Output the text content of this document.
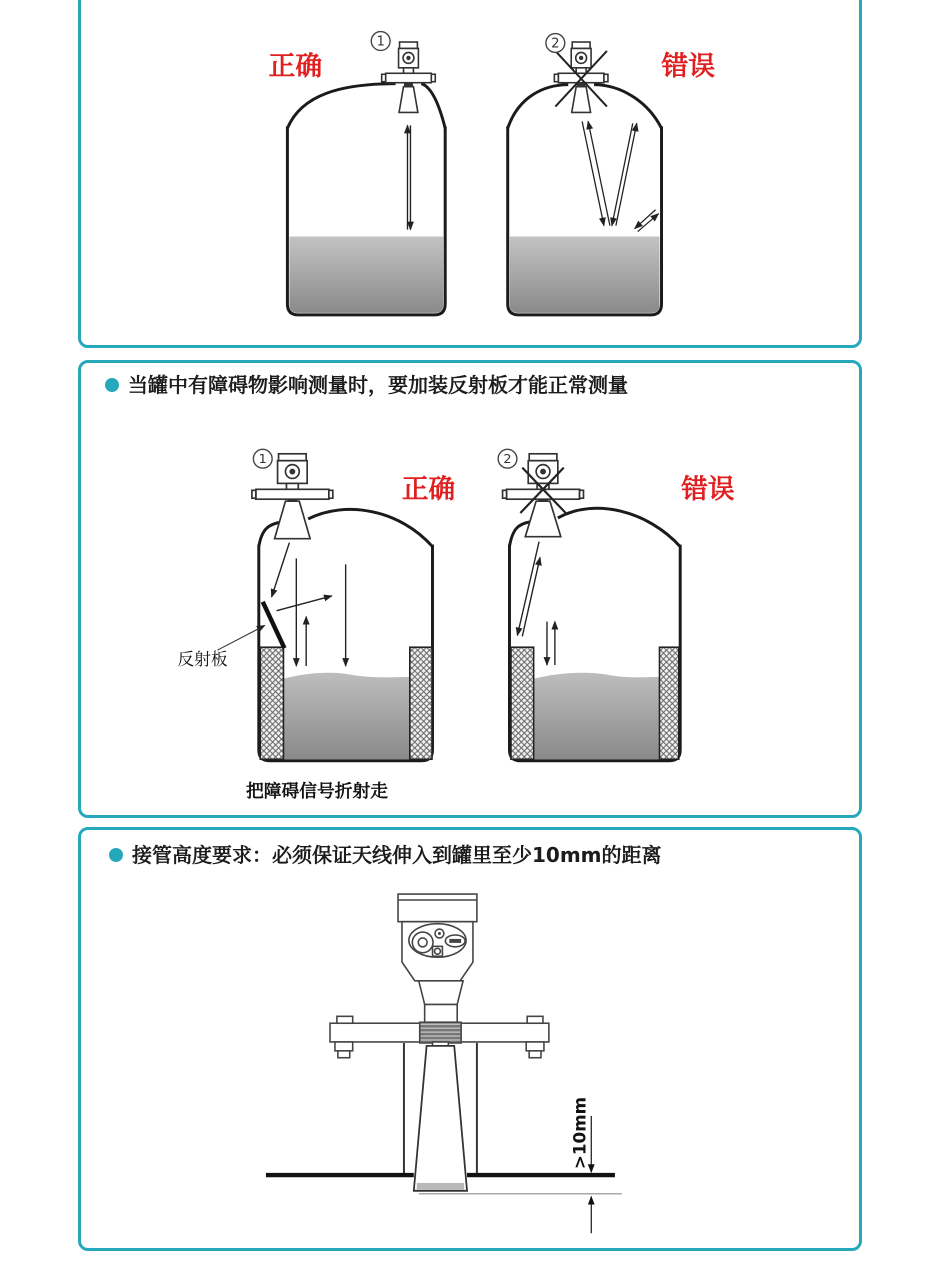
1
正确
2
错误
当罐中有障碍物影响测量时，要加装反射板才能正常测量
反射板
1
正确
把障碍信号折射走
2
错误
接管高度要求：必须保证天线伸入到罐里至少10mm的距离
>10mm
